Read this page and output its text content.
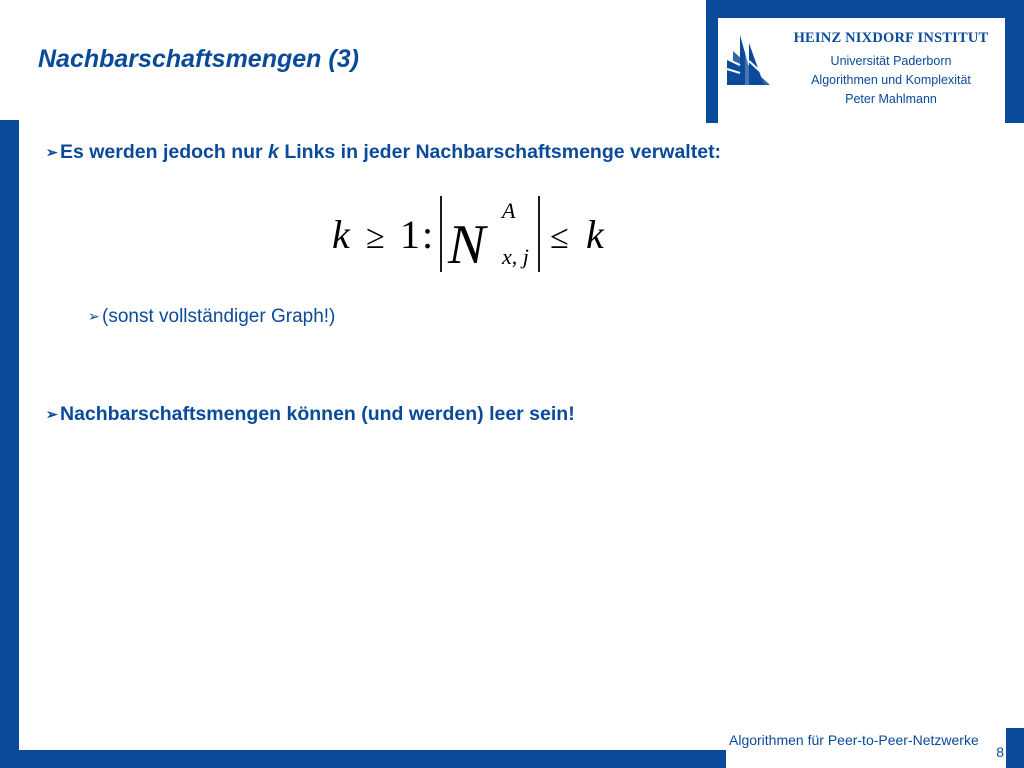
HEINZ NIXDORF INSTITUT
Universität Paderborn
Algorithmen und Komplexität
Peter Mahlmann
Nachbarschaftsmengen (3)
➢ Es werden jedoch nur k Links in jeder Nachbarschaftsmenge verwaltet:
k ≥ 1 : N
A
x, j
≤ k
➢ (sonst vollständiger Graph!)
➢ Nachbarschaftsmengen können (und werden) leer sein!
Algorithmen für Peer-to-Peer-Netzwerke
8
